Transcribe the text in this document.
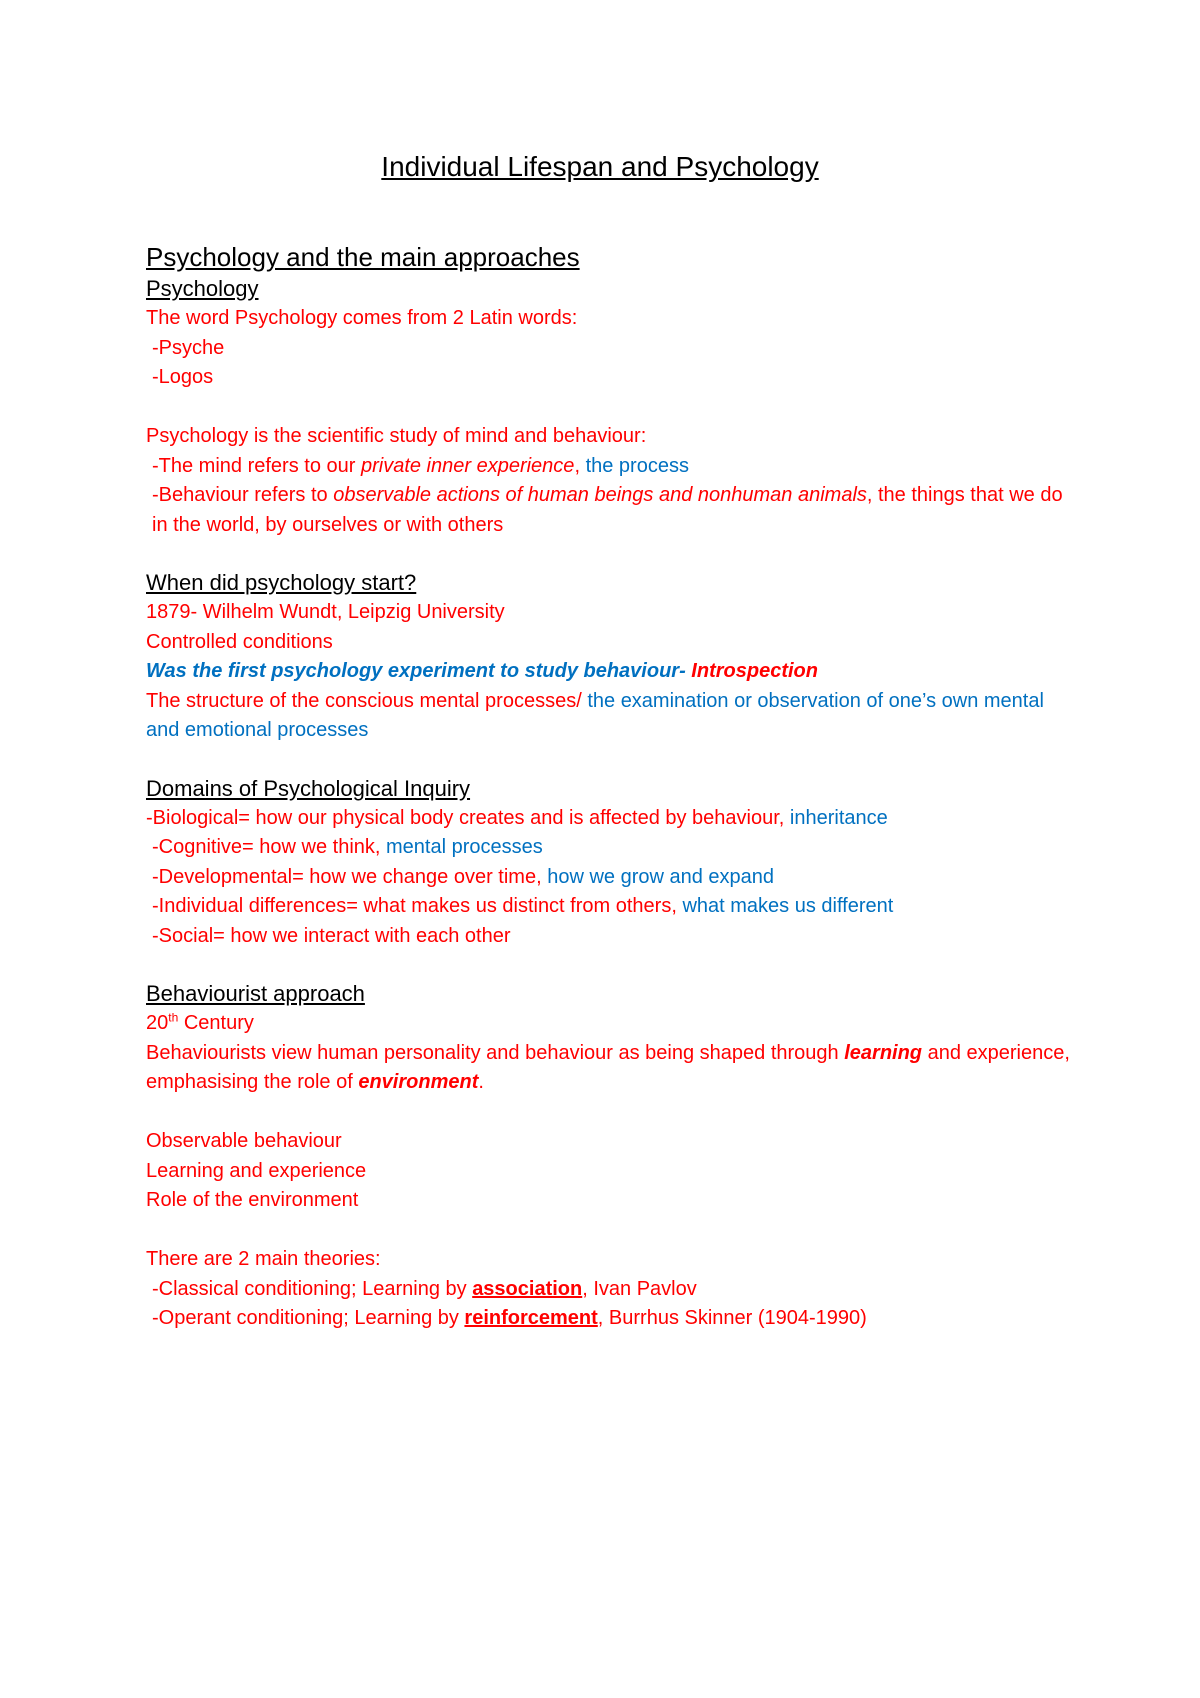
Individual Lifespan and Psychology
Psychology and the main approaches
Psychology
The word Psychology comes from 2 Latin words:
-Psyche
-Logos
Psychology is the scientific study of mind and behaviour:
-The mind refers to our private inner experience, the process
-Behaviour refers to observable actions of human beings and nonhuman animals, the things that we do in the world, by ourselves or with others
When did psychology start?
1879- Wilhelm Wundt, Leipzig University
Controlled conditions
Was the first psychology experiment to study behaviour- Introspection
The structure of the conscious mental processes/ the examination or observation of one’s own mental and emotional processes
Domains of Psychological Inquiry
-Biological= how our physical body creates and is affected by behaviour, inheritance
-Cognitive= how we think, mental processes
-Developmental= how we change over time, how we grow and expand
-Individual differences= what makes us distinct from others, what makes us different
-Social= how we interact with each other
Behaviourist approach
20th Century
Behaviourists view human personality and behaviour as being shaped through learning and experience, emphasising the role of environment.
Observable behaviour
Learning and experience
Role of the environment
There are 2 main theories:
-Classical conditioning; Learning by association, Ivan Pavlov
-Operant conditioning; Learning by reinforcement, Burrhus Skinner (1904-1990)
